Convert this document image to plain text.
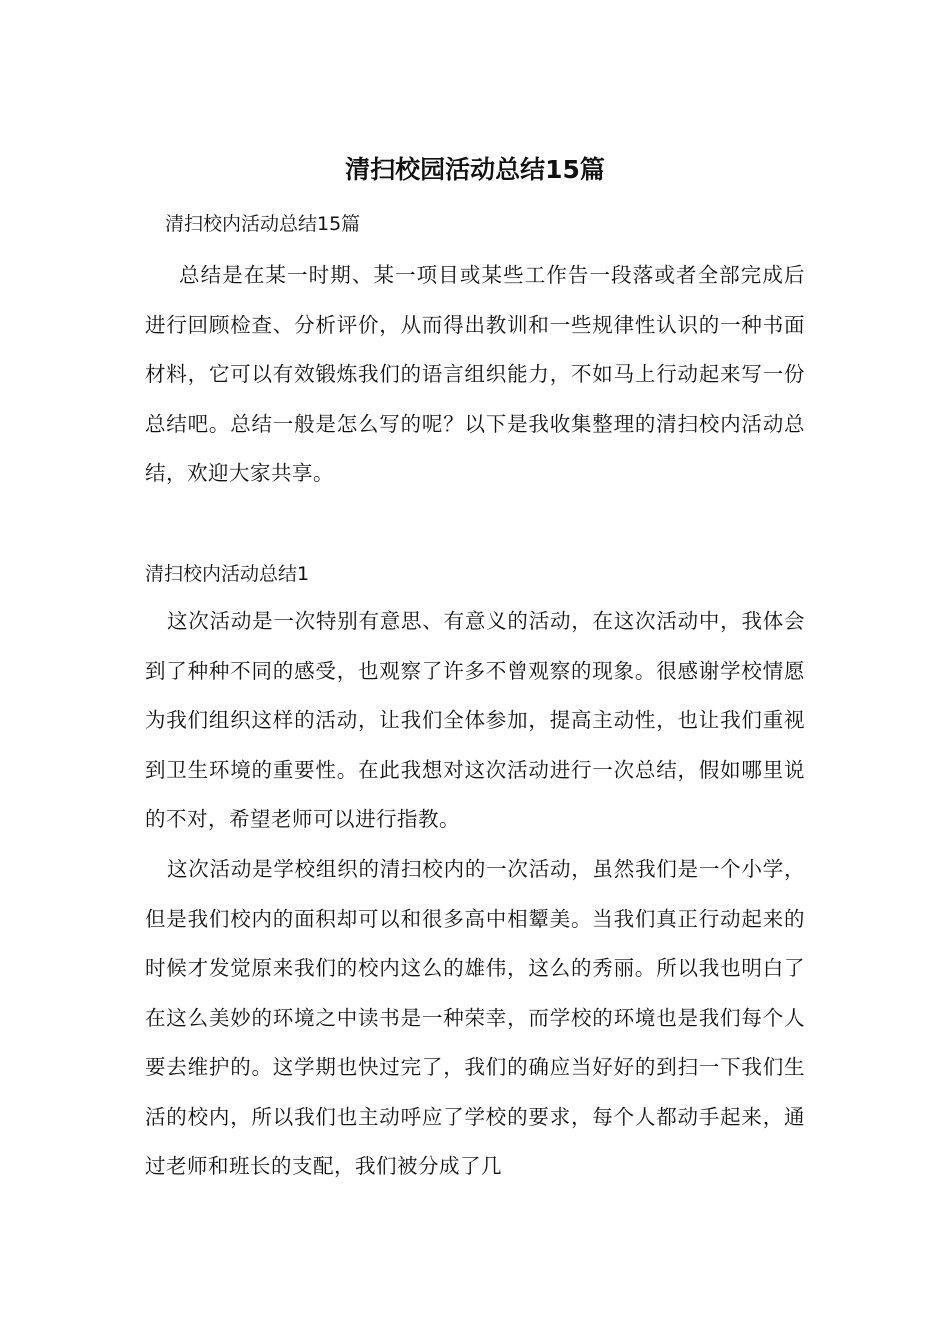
清扫校园活动总结15篇

清扫校内活动总结15篇

总结是在某一时期、某一项目或某些工作告一段落或者全部完成后进行回顾检查、分析评价，从而得出教训和一些规律性认识的一种书面材料，它可以有效锻炼我们的语言组织能力，不如马上行动起来写一份总结吧。总结一般是怎么写的呢？以下是我收集整理的清扫校内活动总结，欢迎大家共享。

清扫校内活动总结1

这次活动是一次特别有意思、有意义的活动，在这次活动中，我体会到了种种不同的感受，也观察了许多不曾观察的现象。很感谢学校情愿为我们组织这样的活动，让我们全体参加，提高主动性，也让我们重视到卫生环境的重要性。在此我想对这次活动进行一次总结，假如哪里说的不对，希望老师可以进行指教。

这次活动是学校组织的清扫校内的一次活动，虽然我们是一个小学，但是我们校内的面积却可以和很多高中相颦美。当我们真正行动起来的时候才发觉原来我们的校内这么的雄伟，这么的秀丽。所以我也明白了在这么美妙的环境之中读书是一种荣幸，而学校的环境也是我们每个人要去维护的。这学期也快过完了，我们的确应当好好的到扫一下我们生活的校内，所以我们也主动呼应了学校的要求，每个人都动手起来，通过老师和班长的支配，我们被分成了几
